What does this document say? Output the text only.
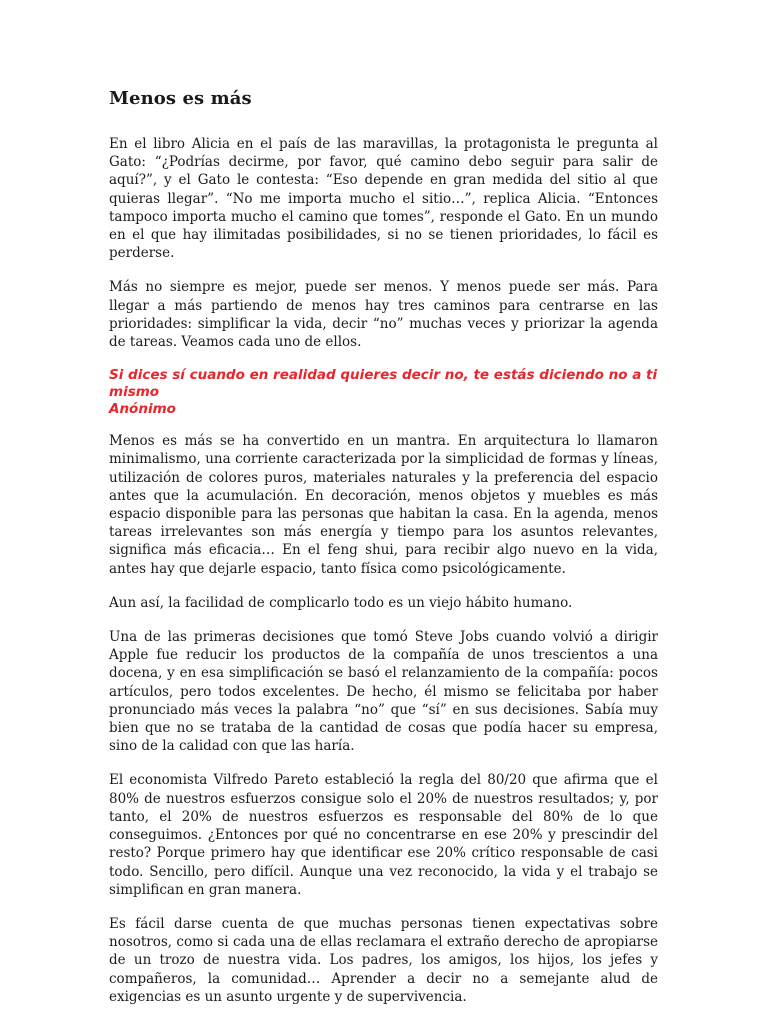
Menos es más

En el libro Alicia en el país de las maravillas, la protagonista le pregunta al Gato: “¿Podrías decirme, por favor, qué camino debo seguir para salir de aquí?”, y el Gato le contesta: “Eso depende en gran medida del sitio al que quieras llegar”. “No me importa mucho el sitio…”, replica Alicia. “Entonces tampoco importa mucho el camino que tomes”, responde el Gato. En un mundo en el que hay ilimitadas posibilidades, si no se tienen prioridades, lo fácil es perderse.

Más no siempre es mejor, puede ser menos. Y menos puede ser más. Para llegar a más partiendo de menos hay tres caminos para centrarse en las prioridades: simplificar la vida, decir “no” muchas veces y priorizar la agenda de tareas. Veamos cada uno de ellos.

Si dices sí cuando en realidad quieres decir no, te estás diciendo no a ti mismo
Anónimo

Menos es más se ha convertido en un mantra. En arquitectura lo llamaron minimalismo, una corriente caracterizada por la simplicidad de formas y líneas, utilización de colores puros, materiales naturales y la preferencia del espacio antes que la acumulación. En decoración, menos objetos y muebles es más espacio disponible para las personas que habitan la casa. En la agenda, menos tareas irrelevantes son más energía y tiempo para los asuntos relevantes, significa más eficacia… En el feng shui, para recibir algo nuevo en la vida, antes hay que dejarle espacio, tanto física como psicológicamente.

Aun así, la facilidad de complicarlo todo es un viejo hábito humano.

Una de las primeras decisiones que tomó Steve Jobs cuando volvió a dirigir Apple fue reducir los productos de la compañía de unos trescientos a una docena, y en esa simplificación se basó el relanzamiento de la compañía: pocos artículos, pero todos excelentes. De hecho, él mismo se felicitaba por haber pronunciado más veces la palabra “no” que “sí” en sus decisiones. Sabía muy bien que no se trataba de la cantidad de cosas que podía hacer su empresa, sino de la calidad con que las haría.

El economista Vilfredo Pareto estableció la regla del 80/20 que afirma que el 80% de nuestros esfuerzos consigue solo el 20% de nuestros resultados; y, por tanto, el 20% de nuestros esfuerzos es responsable del 80% de lo que conseguimos. ¿Entonces por qué no concentrarse en ese 20% y prescindir del resto? Porque primero hay que identificar ese 20% crítico responsable de casi todo. Sencillo, pero difícil. Aunque una vez reconocido, la vida y el trabajo se simplifican en gran manera.

Es fácil darse cuenta de que muchas personas tienen expectativas sobre nosotros, como si cada una de ellas reclamara el extraño derecho de apropiarse de un trozo de nuestra vida. Los padres, los amigos, los hijos, los jefes y compañeros, la comunidad… Aprender a decir no a semejante alud de exigencias es un asunto urgente y de supervivencia.
